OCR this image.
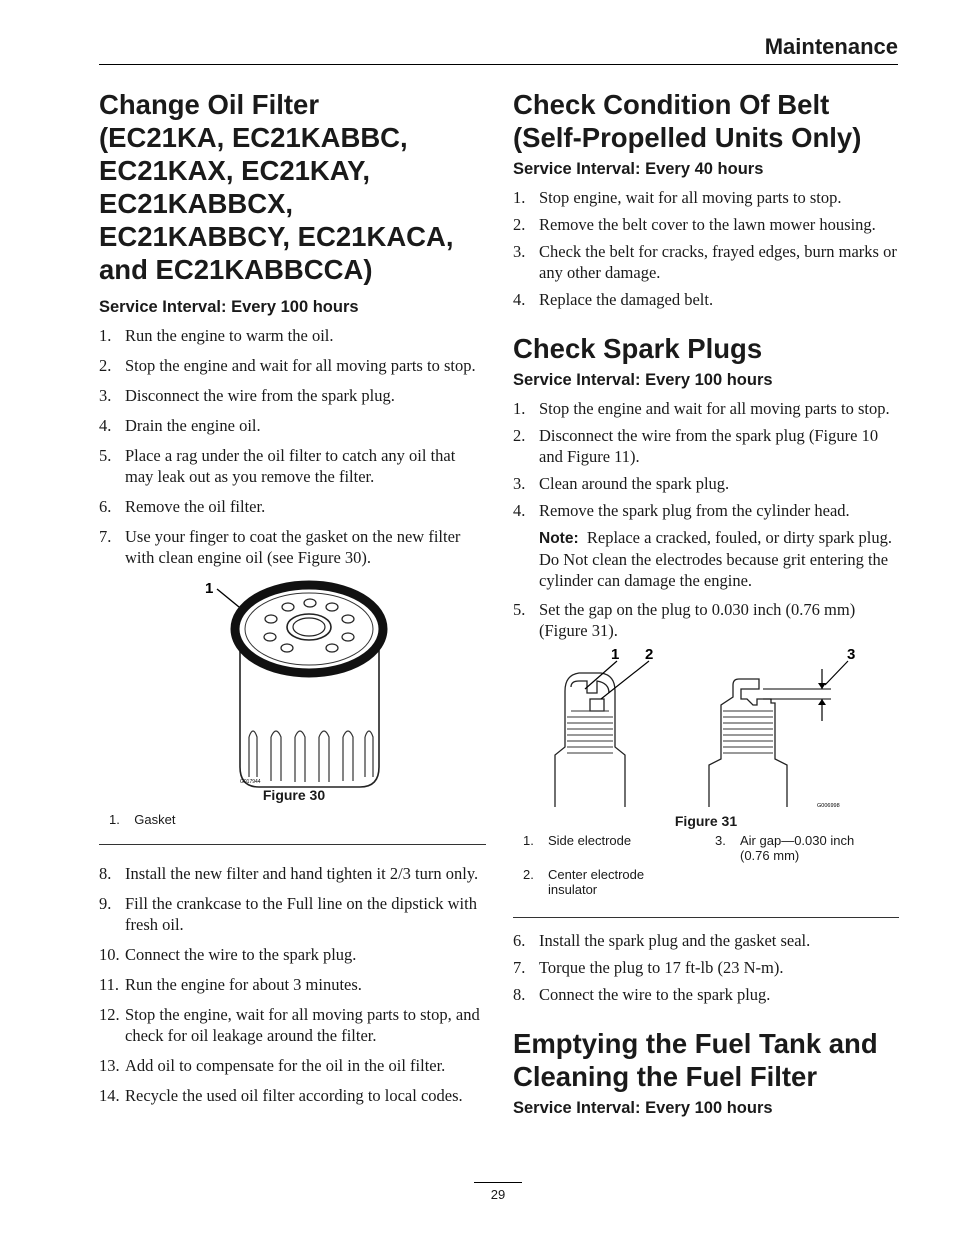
Maintenance
Change Oil Filter
(EC21KA, EC21KABBC,
EC21KAX, EC21KAY,
EC21KABBCX,
EC21KABBCY, EC21KACA,
and EC21KABBCCA)
Service Interval: Every 100 hours
1. Run the engine to warm the oil.
2. Stop the engine and wait for all moving parts to stop.
3. Disconnect the wire from the spark plug.
4. Drain the engine oil.
5. Place a rag under the oil filter to catch any oil that may leak out as you remove the filter.
6. Remove the oil filter.
7. Use your finger to coat the gasket on the new filter with clean engine oil (see Figure 30).
1
G017944
Figure 30
1. Gasket
8. Install the new filter and hand tighten it 2/3 turn only.
9. Fill the crankcase to the Full line on the dipstick with fresh oil.
10. Connect the wire to the spark plug.
11. Run the engine for about 3 minutes.
12. Stop the engine, wait for all moving parts to stop, and check for oil leakage around the filter.
13. Add oil to compensate for the oil in the oil filter.
14. Recycle the used oil filter according to local codes.
Check Condition Of Belt
(Self-Propelled Units Only)
Service Interval: Every 40 hours
1. Stop engine, wait for all moving parts to stop.
2. Remove the belt cover to the lawn mower housing.
3. Check the belt for cracks, frayed edges, burn marks or any other damage.
4. Replace the damaged belt.
Check Spark Plugs
Service Interval: Every 100 hours
1. Stop the engine and wait for all moving parts to stop.
2. Disconnect the wire from the spark plug (Figure 10 and Figure 11).
3. Clean around the spark plug.
4. Remove the spark plug from the cylinder head.
Note: Replace a cracked, fouled, or dirty spark plug. Do Not clean the electrodes because grit entering the cylinder can damage the engine.
5. Set the gap on the plug to 0.030 inch (0.76 mm) (Figure 31).
1 2	3
G006998
Figure 31
1.	Side electrode
2.	Center electrode insulator
3.	Air gap—0.030 inch (0.76 mm)
6. Install the spark plug and the gasket seal.
7. Torque the plug to 17 ft-lb (23 N-m).
8. Connect the wire to the spark plug.
Emptying the Fuel Tank and
Cleaning the Fuel Filter
Service Interval: Every 100 hours
29
